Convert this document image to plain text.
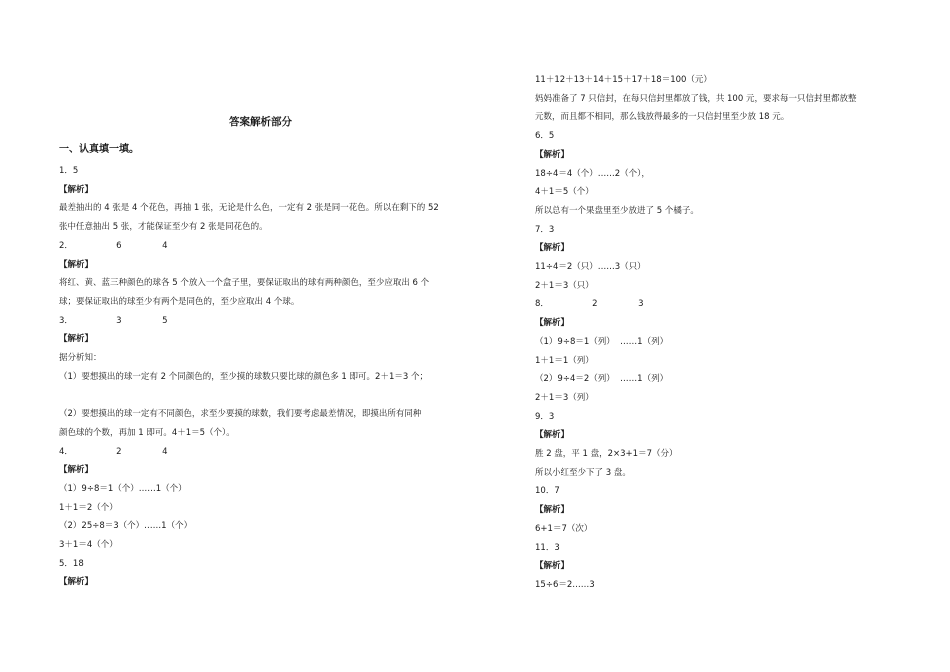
答案解析部分
一、认真填一填。
1．5
【解析】
最差抽出的 4 张是 4 个花色，再抽 1 张，无论是什么色，一定有 2 张是同一花色。所以在剩下的 52
张中任意抽出 5 张，才能保证至少有 2 张是同花色的。
2．                6               4
【解析】
将红、黄、蓝三种颜色的球各 5 个放入一个盒子里，要保证取出的球有两种颜色，至少应取出 6 个
球；要保证取出的球至少有两个是同色的，至少应取出 4 个球。
3．                3               5
【解析】
据分析知：
（1）要想摸出的球一定有 2 个同颜色的，至少摸的球数只要比球的颜色多 1 即可。2＋1＝3 个；

（2）要想摸出的球一定有不同颜色，求至少要摸的球数，我们要考虑最差情况，即摸出所有同种
颜色球的个数，再加 1 即可。4＋1＝5（个）。
4．                2               4
【解析】
（1）9÷8＝1（个）……1（个）
1＋1＝2（个）
（2）25÷8＝3（个）……1（个）
3＋1＝4（个）
5．18
【解析】
11＋12＋13＋14＋15＋17＋18＝100（元）
妈妈准备了 7 只信封，在每只信封里都放了钱，共 100 元，要求每一只信封里都放整
元数，而且都不相同，那么钱放得最多的一只信封里至少放 18 元。
6．5
【解析】
18÷4＝4（个）……2（个），
4＋1＝5（个）
所以总有一个果盘里至少放进了 5 个橘子。
7．3
【解析】
11÷4＝2（只）……3（只）
2＋1＝3（只）
8．                2               3
【解析】
（1）9÷8＝1（列）  ……1（列）
1＋1＝1（列）
（2）9÷4＝2（列）  ……1（列）
2＋1＝3（列）
9．3
【解析】
胜 2 盘，平 1 盘，2×3+1＝7（分）
所以小红至少下了 3 盘。
10．7
【解析】
6+1＝7（次）
11．3
【解析】
15÷6＝2……3
